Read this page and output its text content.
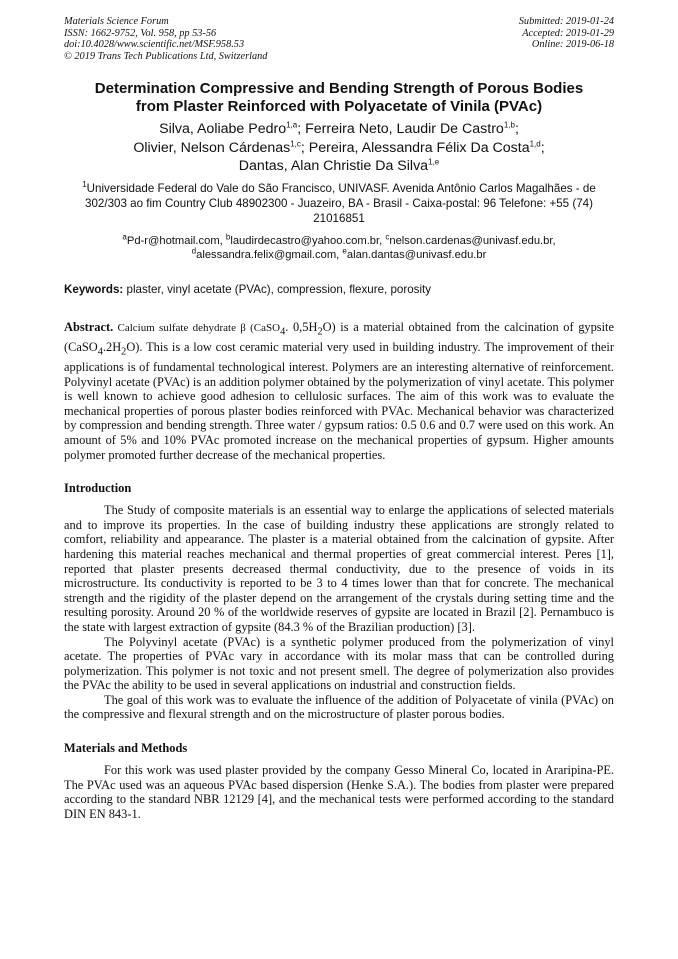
Materials Science Forum
ISSN: 1662-9752, Vol. 958, pp 53-56
doi:10.4028/www.scientific.net/MSF.958.53
© 2019 Trans Tech Publications Ltd, Switzerland
Submitted: 2019-01-24
Accepted: 2019-01-29
Online: 2019-06-18
Determination Compressive and Bending Strength of Porous Bodies
from Plaster Reinforced with Polyacetate of Vinila (PVAc)
Silva, Aoliabe Pedro$^{1,a}$; Ferreira Neto, Laudir De Castro$^{1,b}$;
Olivier, Nelson Cárdenas$^{1,c}$; Pereira, Alessandra Félix Da Costa$^{1,d}$;
Dantas, Alan Christie Da Silva$^{1,e}$
$^1$Universidade Federal do Vale do São Francisco, UNIVASF. Avenida Antônio Carlos Magalhães - de 302/303 ao fim Country Club 48902300 - Juazeiro, BA - Brasil - Caixa-postal: 96 Telefone: +55 (74) 21016851
$^a$Pd-r@hotmail.com, $^b$laudirdecastro@yahoo.com.br, $^c$nelson.cardenas@univasf.edu.br,
$^d$alessandra.felix@gmail.com, $^e$alan.dantas@univasf.edu.br
Keywords: plaster, vinyl acetate (PVAc), compression, flexure, porosity
Abstract. Calcium sulfate dehydrate β (CaSO$_4$. $0,5H_2O$) is a material obtained from the calcination of gypsite $(CaSO_4.2H_2O)$. This is a low cost ceramic material very used in building industry. The improvement of their applications is of fundamental technological interest. Polymers are an interesting alternative of reinforcement. Polyvinyl acetate (PVAc) is an addition polymer obtained by the polymerization of vinyl acetate. This polymer is well known to achieve good adhesion to cellulosic surfaces. The aim of this work was to evaluate the mechanical properties of porous plaster bodies reinforced with PVAc. Mechanical behavior was characterized by compression and bending strength. Three water / gypsum ratios: 0.5 0.6 and 0.7 were used on this work. An amount of 5% and 10% PVAc promoted increase on the mechanical properties of gypsum. Higher amounts polymer promoted further decrease of the mechanical properties.
Introduction

The Study of composite materials is an essential way to enlarge the applications of selected materials and to improve its properties. In the case of building industry these applications are strongly related to comfort, reliability and appearance. The plaster is a material obtained from the calcination of gypsite. After hardening this material reaches mechanical and thermal properties of great commercial interest. Peres [1], reported that plaster presents decreased thermal conductivity, due to the presence of voids in its microstructure. Its conductivity is reported to be 3 to 4 times lower than that for concrete. The mechanical strength and the rigidity of the plaster depend on the arrangement of the crystals during setting time and the resulting porosity. Around 20 % of the worldwide reserves of gypsite are located in Brazil [2]. Pernambuco is the state with largest extraction of gypsite (84.3 % of the Brazilian production) [3].

The Polyvinyl acetate (PVAc) is a synthetic polymer produced from the polymerization of vinyl acetate. The properties of PVAc vary in accordance with its molar mass that can be controlled during polymerization. This polymer is not toxic and not present smell. The degree of polymerization also provides the PVAc the ability to be used in several applications on industrial and construction fields.

The goal of this work was to evaluate the influence of the addition of Polyacetate of vinila (PVAc) on the compressive and flexural strength and on the microstructure of plaster porous bodies.

Materials and Methods

For this work was used plaster provided by the company Gesso Mineral Co, located in Araripina-PE. The PVAc used was an aqueous PVAc based dispersion (Henke S.A.). The bodies from plaster were prepared according to the standard NBR 12129 [4], and the mechanical tests were performed according to the standard DIN EN 843-1.
